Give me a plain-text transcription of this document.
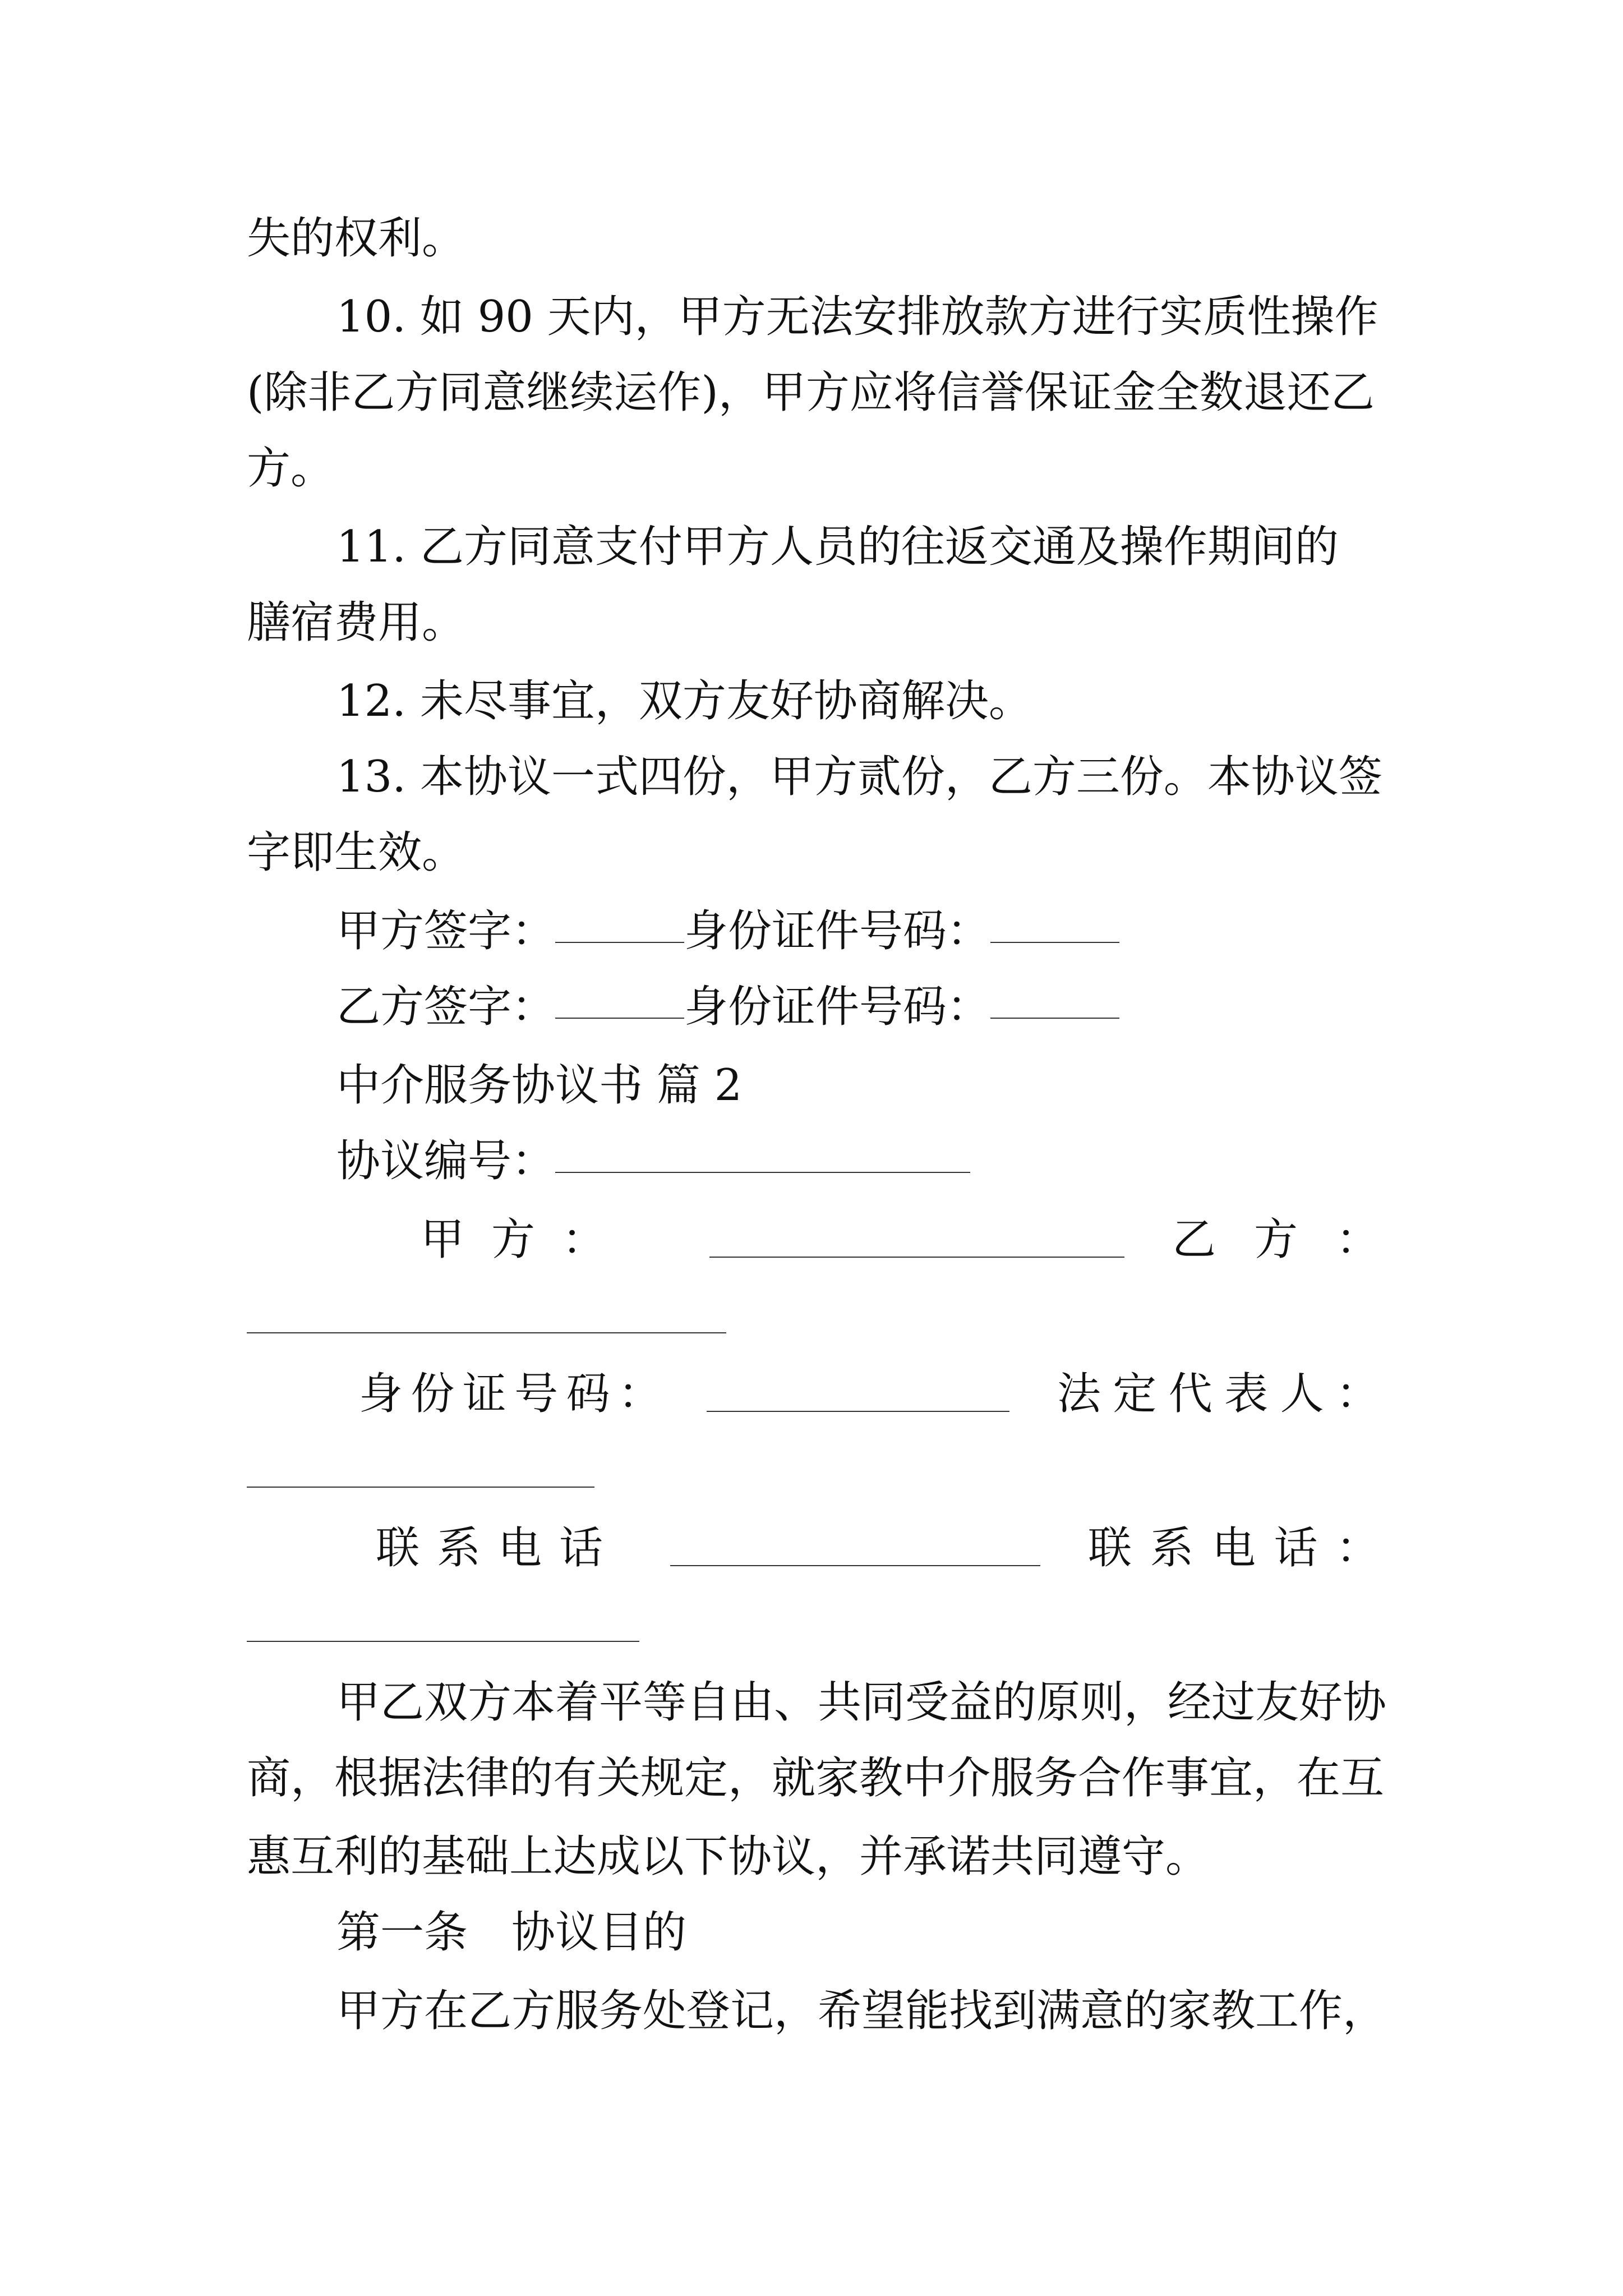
失的权利。
10. 如 90 天内，甲方无法安排放款方进行实质性操作
(除非乙方同意继续运作)，甲方应将信誉保证金全数退还乙
方。
11. 乙方同意支付甲方人员的往返交通及操作期间的
膳宿费用。
12. 未尽事宜，双方友好协商解决。
13. 本协议一式四份，甲方贰份，乙方三份。本协议签
字即生效。
甲方签字：	身份证件号码：
乙方签字：	身份证件号码：
中介服务协议书 篇 2
协议编号：
甲 方 ：	乙 方 ：
身 份 证 号 码 ：	法 定 代 表 人 ：
联 系 电 话	联 系 电 话 ：
甲乙双方本着平等自由、共同受益的原则，经过友好协
商，根据法律的有关规定，就家教中介服务合作事宜，在互
惠互利的基础上达成以下协议，并承诺共同遵守。
第一条　协议目的
甲方在乙方服务处登记，希望能找到满意的家教工作，
